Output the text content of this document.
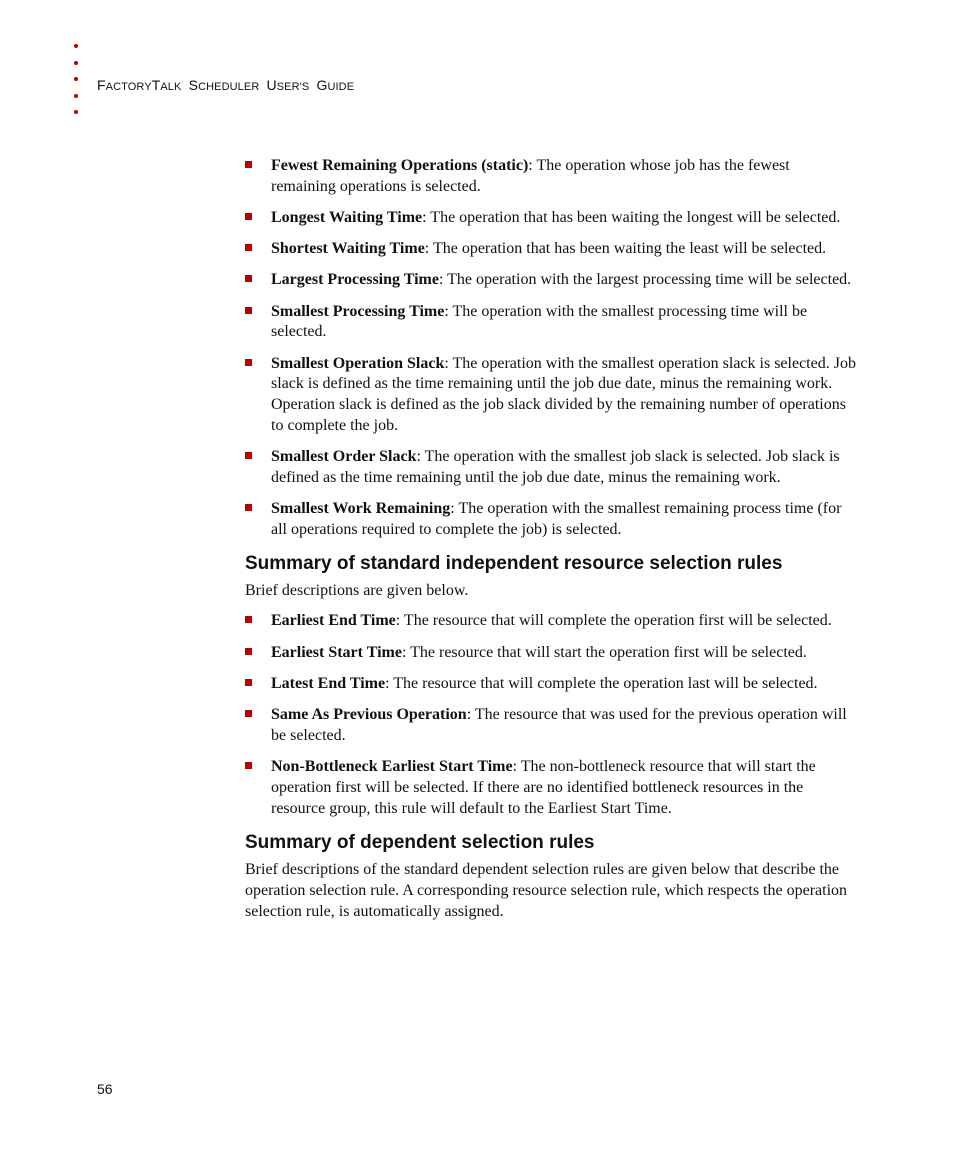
FACTORYTALK  SCHEDULER  USER'S  GUIDE
Fewest Remaining Operations (static): The operation whose job has the fewest remaining operations is selected.
Longest Waiting Time: The operation that has been waiting the longest will be selected.
Shortest Waiting Time: The operation that has been waiting the least will be selected.
Largest Processing Time: The operation with the largest processing time will be selected.
Smallest Processing Time: The operation with the smallest processing time will be selected.
Smallest Operation Slack: The operation with the smallest operation slack is selected. Job slack is defined as the time remaining until the job due date, minus the remaining work. Operation slack is defined as the job slack divided by the remaining number of operations to complete the job.
Smallest Order Slack: The operation with the smallest job slack is selected. Job slack is defined as the time remaining until the job due date, minus the remaining work.
Smallest Work Remaining: The operation with the smallest remaining process time (for all operations required to complete the job) is selected.
Summary of standard independent resource selection rules

Brief descriptions are given below.

Earliest End Time: The resource that will complete the operation first will be selected.
Earliest Start Time: The resource that will start the operation first will be selected.
Latest End Time: The resource that will complete the operation last will be selected.
Same As Previous Operation: The resource that was used for the previous operation will be selected.
Non-Bottleneck Earliest Start Time: The non-bottleneck resource that will start the operation first will be selected. If there are no identified bottleneck resources in the resource group, this rule will default to the Earliest Start Time.
Summary of dependent selection rules

Brief descriptions of the standard dependent selection rules are given below that describe the operation selection rule. A corresponding resource selection rule, which respects the operation selection rule, is automatically assigned.

56
